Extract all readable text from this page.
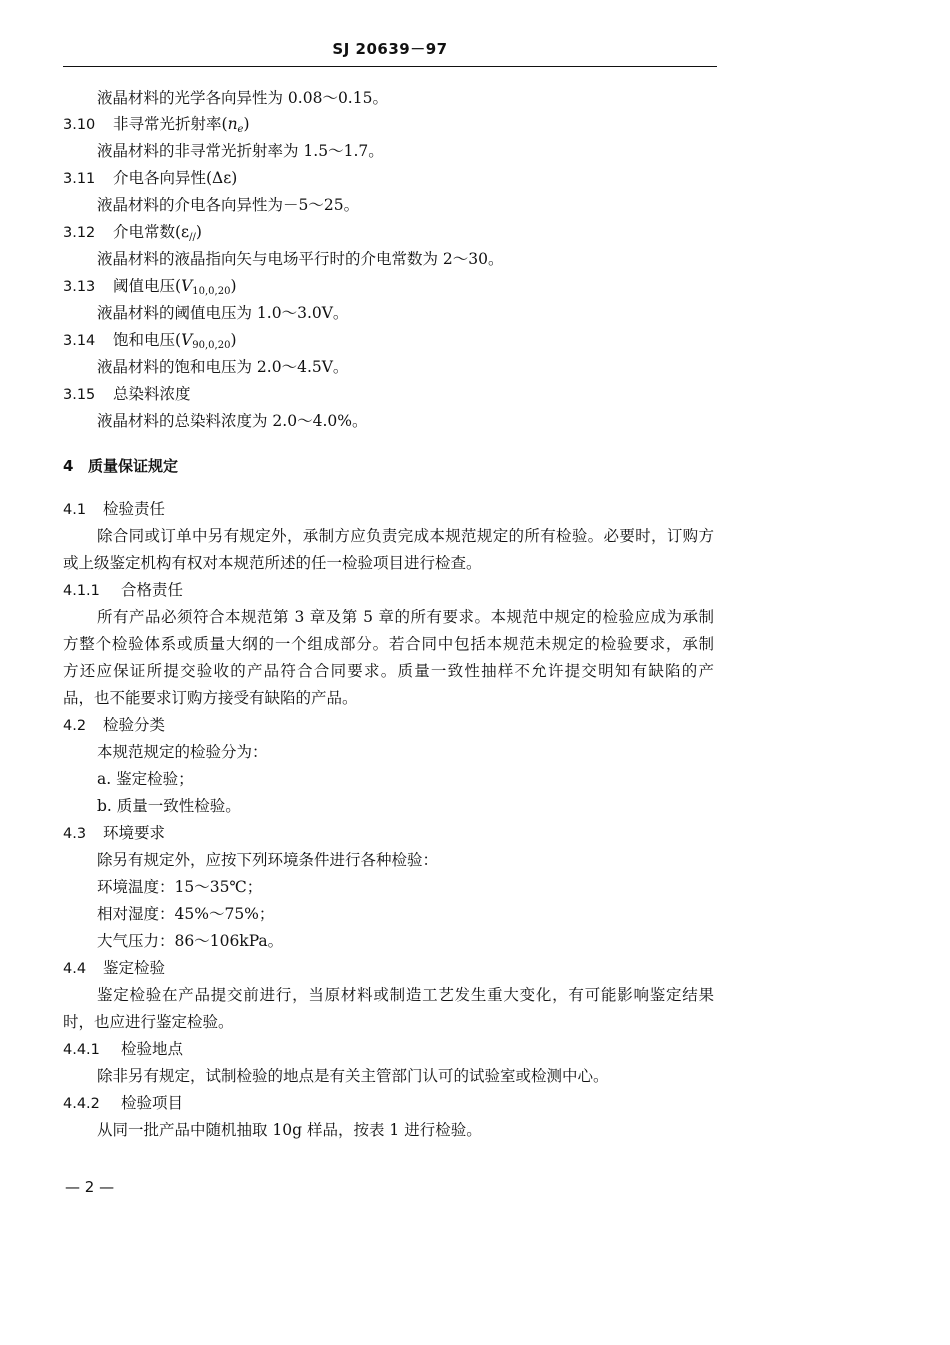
SJ 20639－97
液晶材料的光学各向异性为 0.08～0.15。
3.10 非寻常光折射率$(n_e)$
液晶材料的非寻常光折射率为 1.5～1.7。
3.11 介电各向异性(Δε)
液晶材料的介电各向异性为－5～25。
3.12 介电常数$(\varepsilon_{//})$
液晶材料的液晶指向矢与电场平行时的介电常数为 2～30。
3.13 阈值电压$(V_{10,0,20})$
液晶材料的阈值电压为 1.0～3.0V。
3.14 饱和电压$(V_{90,0,20})$
液晶材料的饱和电压为 2.0～4.5V。
3.15 总染料浓度
液晶材料的总染料浓度为 2.0～4.0%。
4 质量保证规定
4.1 检验责任
除合同或订单中另有规定外，承制方应负责完成本规范规定的所有检验。必要时，订购方
或上级鉴定机构有权对本规范所述的任一检验项目进行检查。
4.1.1 合格责任
所有产品必须符合本规范第 3 章及第 5 章的所有要求。本规范中规定的检验应成为承制
方整个检验体系或质量大纲的一个组成部分。若合同中包括本规范未规定的检验要求，承制
方还应保证所提交验收的产品符合合同要求。质量一致性抽样不允许提交明知有缺陷的产
品，也不能要求订购方接受有缺陷的产品。
4.2 检验分类
本规范规定的检验分为：
a. 鉴定检验；
b. 质量一致性检验。
4.3 环境要求
除另有规定外，应按下列环境条件进行各种检验：
环境温度：15～35℃；
相对湿度：45%～75%；
大气压力：86～106kPa。
4.4 鉴定检验
鉴定检验在产品提交前进行，当原材料或制造工艺发生重大变化，有可能影响鉴定结果
时，也应进行鉴定检验。
4.4.1 检验地点
除非另有规定，试制检验的地点是有关主管部门认可的试验室或检测中心。
4.4.2 检验项目
从同一批产品中随机抽取 10g 样品，按表 1 进行检验。
— 2 —
